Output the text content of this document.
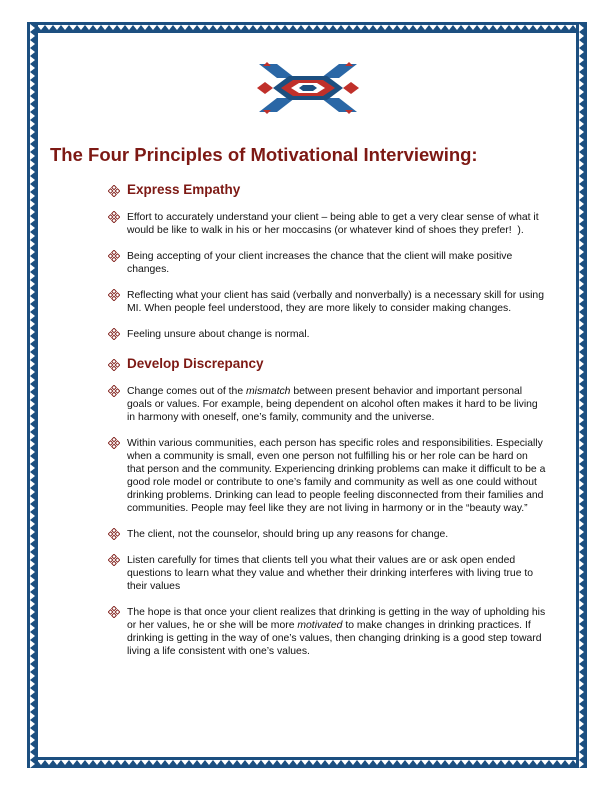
The Four Principles of Motivational Interviewing:
Express Empathy
Effort to accurately understand your client – being able to get a very clear sense of what it would be like to walk in his or her moccasins (or whatever kind of shoes they prefer!  ).
Being accepting of your client increases the chance that the client will make positive changes.
Reflecting what your client has said (verbally and nonverbally) is a necessary skill for using MI. When people feel understood, they are more likely to consider making changes.
Feeling unsure about change is normal.
Develop Discrepancy
Change comes out of the mismatch between present behavior and important personal goals or values. For example, being dependent on alcohol often makes it hard to be living in harmony with oneself, one’s family, community and the universe.
Within various communities, each person has specific roles and responsibilities. Especially when a community is small, even one person not fulfilling his or her role can be hard on that person and the community. Experiencing drinking problems can make it difficult to be a good role model or contribute to one’s family and community as well as one could without drinking problems. Drinking can lead to people feeling disconnected from their families and communities. People may feel like they are not living in harmony or in the “beauty way.”
The client, not the counselor, should bring up any reasons for change.
Listen carefully for times that clients tell you what their values are or ask open ended questions to learn what they value and whether their drinking interferes with living true to their values
The hope is that once your client realizes that drinking is getting in the way of upholding his or her values, he or she will be more motivated to make changes in drinking practices. If drinking is getting in the way of one’s values, then changing drinking is a good step toward living a life consistent with one’s values.
